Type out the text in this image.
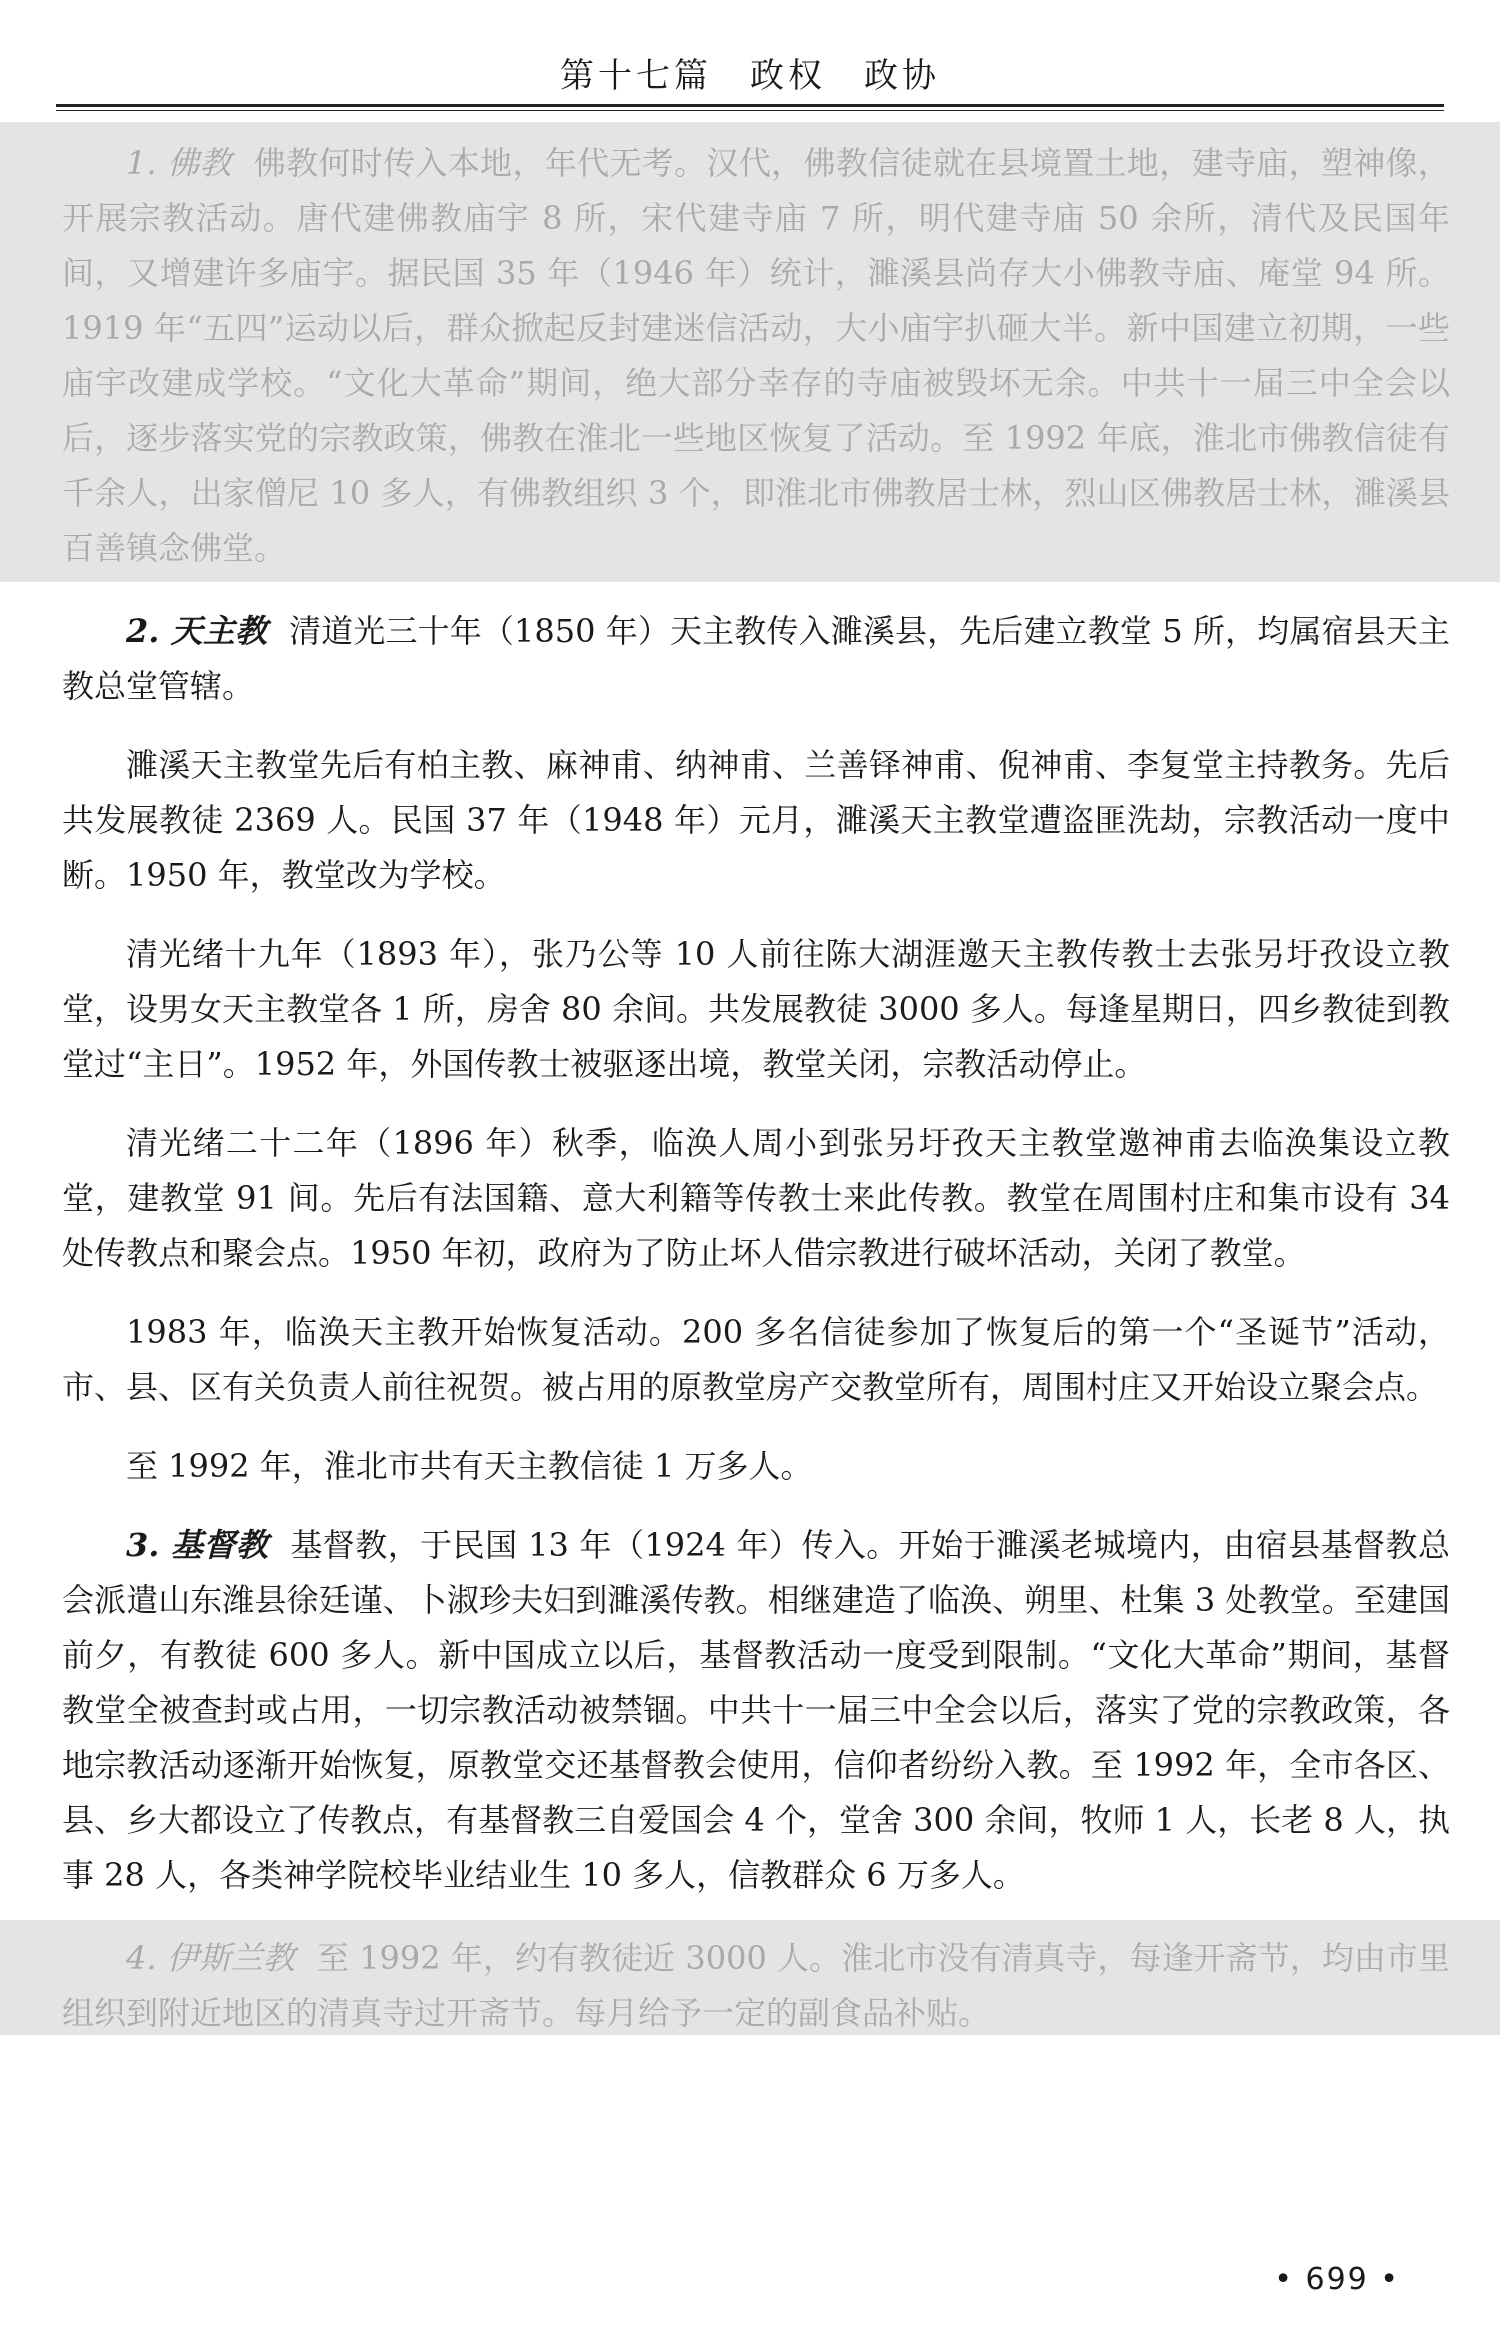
第十七篇　政权　政协

1. 佛教 佛教何时传入本地，年代无考。汉代，佛教信徒就在县境置土地，建寺庙，塑神像，开展宗教活动。唐代建佛教庙宇 8 所，宋代建寺庙 7 所，明代建寺庙 50 余所，清代及民国年间，又增建许多庙宇。据民国 35 年（1946 年）统计，濉溪县尚存大小佛教寺庙、庵堂 94 所。1919 年“五四”运动以后，群众掀起反封建迷信活动，大小庙宇扒砸大半。新中国建立初期，一些庙宇改建成学校。“文化大革命”期间，绝大部分幸存的寺庙被毁坏无余。中共十一届三中全会以后，逐步落实党的宗教政策，佛教在淮北一些地区恢复了活动。至 1992 年底，淮北市佛教信徒有千余人，出家僧尼 10 多人，有佛教组织 3 个，即淮北市佛教居士林，烈山区佛教居士林，濉溪县百善镇念佛堂。

2. 天主教 清道光三十年（1850 年）天主教传入濉溪县，先后建立教堂 5 所，均属宿县天主教总堂管辖。

濉溪天主教堂先后有柏主教、麻神甫、纳神甫、兰善铎神甫、倪神甫、李复堂主持教务。先后共发展教徒 2369 人。民国 37 年（1948 年）元月，濉溪天主教堂遭盗匪洗劫，宗教活动一度中断。1950 年，教堂改为学校。

清光绪十九年（1893 年），张乃公等 10 人前往陈大湖涯邀天主教传教士去张另圩孜设立教堂，设男女天主教堂各 1 所，房舍 80 余间。共发展教徒 3000 多人。每逢星期日，四乡教徒到教堂过“主日”。1952 年，外国传教士被驱逐出境，教堂关闭，宗教活动停止。

清光绪二十二年（1896 年）秋季，临涣人周小到张另圩孜天主教堂邀神甫去临涣集设立教堂，建教堂 91 间。先后有法国籍、意大利籍等传教士来此传教。教堂在周围村庄和集市设有 34 处传教点和聚会点。1950 年初，政府为了防止坏人借宗教进行破坏活动，关闭了教堂。

1983 年，临涣天主教开始恢复活动。200 多名信徒参加了恢复后的第一个“圣诞节”活动，市、县、区有关负责人前往祝贺。被占用的原教堂房产交教堂所有，周围村庄又开始设立聚会点。

至 1992 年，淮北市共有天主教信徒 1 万多人。

3. 基督教 基督教，于民国 13 年（1924 年）传入。开始于濉溪老城境内，由宿县基督教总会派遣山东潍县徐廷谨、卜淑珍夫妇到濉溪传教。相继建造了临涣、朔里、杜集 3 处教堂。至建国前夕，有教徒 600 多人。新中国成立以后，基督教活动一度受到限制。“文化大革命”期间，基督教堂全被查封或占用，一切宗教活动被禁锢。中共十一届三中全会以后，落实了党的宗教政策，各地宗教活动逐渐开始恢复，原教堂交还基督教会使用，信仰者纷纷入教。至 1992 年，全市各区、县、乡大都设立了传教点，有基督教三自爱国会 4 个，堂舍 300 余间，牧师 1 人，长老 8 人，执事 28 人，各类神学院校毕业结业生 10 多人，信教群众 6 万多人。

4. 伊斯兰教 至 1992 年，约有教徒近 3000 人。淮北市没有清真寺，每逢开斋节，均由市里组织到附近地区的清真寺过开斋节。每月给予一定的副食品补贴。

• 699 •
